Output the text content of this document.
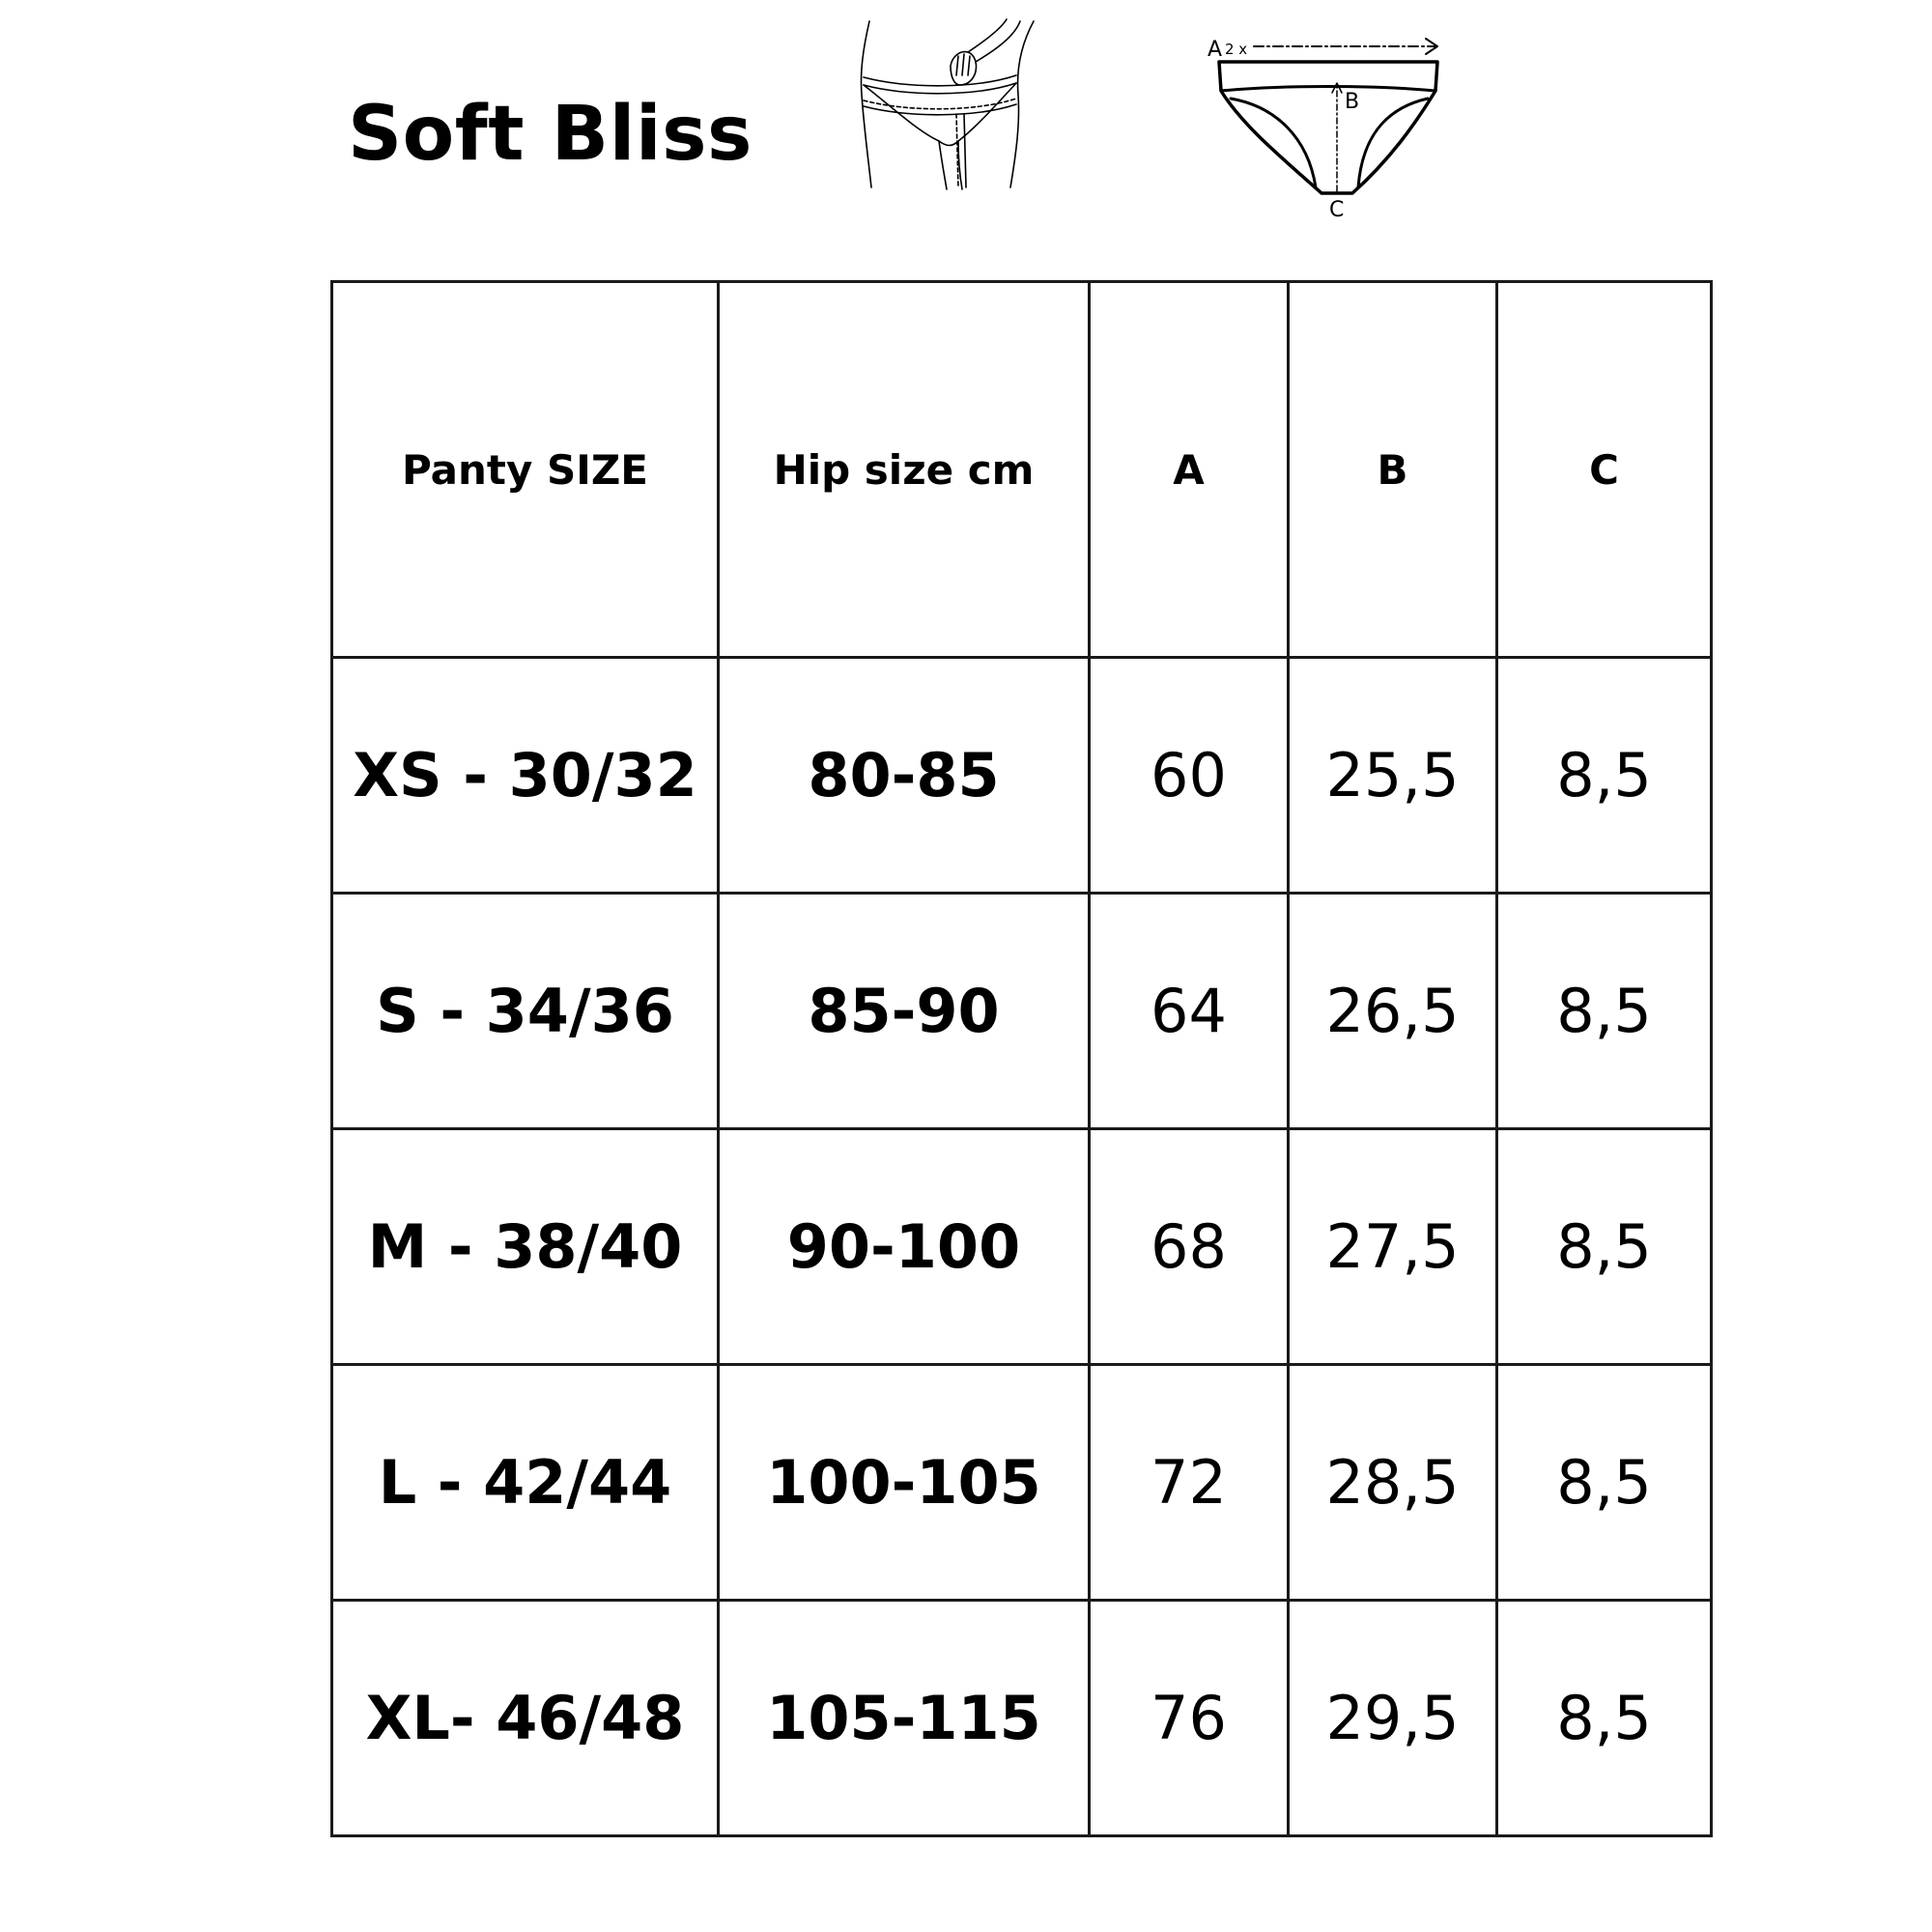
Soft Bliss
A 2 x
B
C
Panty SIZE	Hip size cm	A	B	C
XS - 30/32	80-85	60	25,5	8,5
S - 34/36	85-90	64	26,5	8,5
M - 38/40	90-100	68	27,5	8,5
L - 42/44	100-105	72	28,5	8,5
XL- 46/48	105-115	76	29,5	8,5
